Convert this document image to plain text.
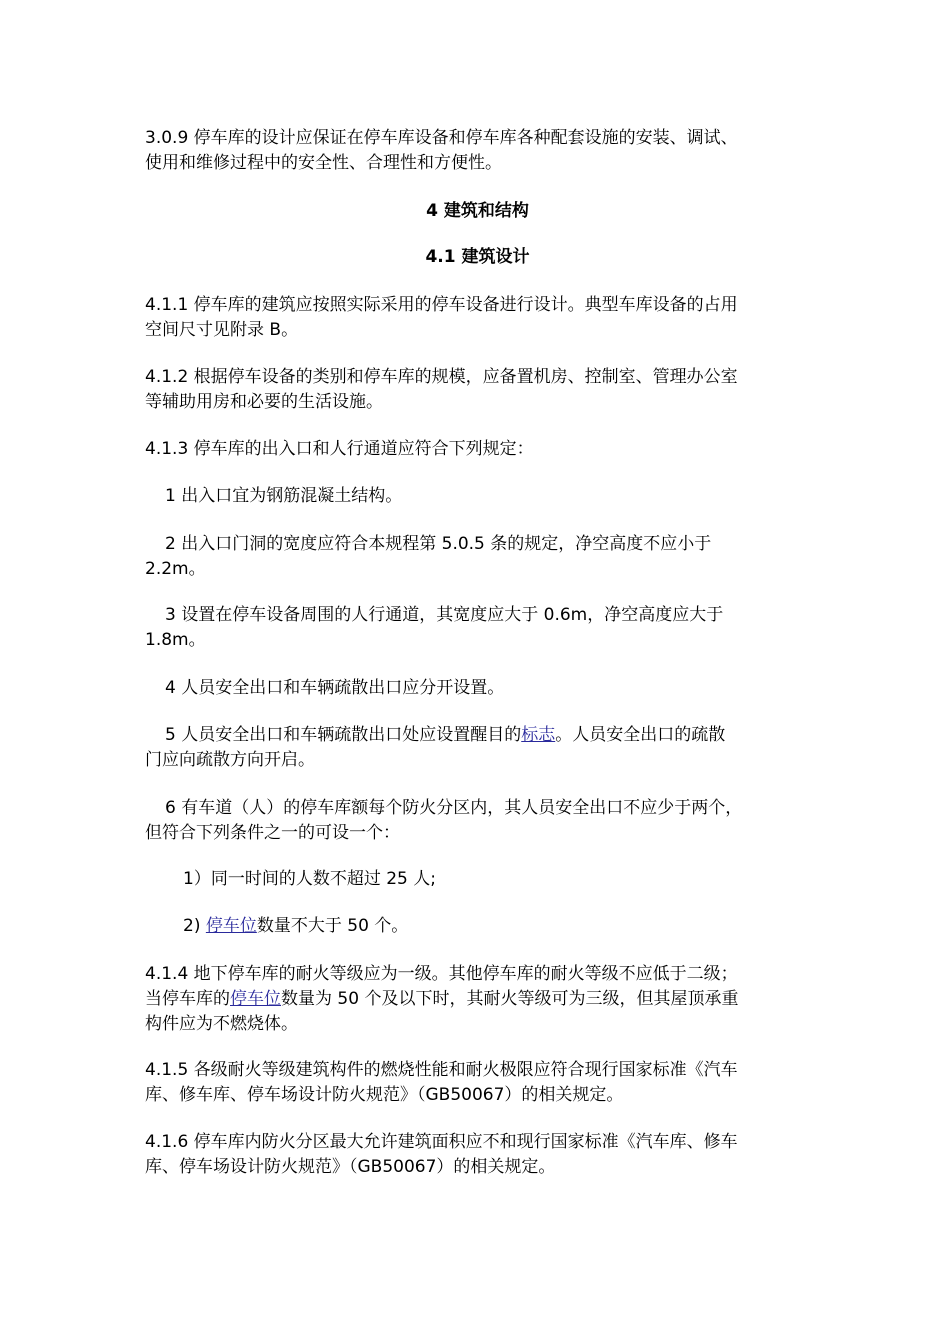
3.0.9 停车库的设计应保证在停车库设备和停车库各种配套设施的安装、调试、
使用和维修过程中的安全性、合理性和方便性。
4 建筑和结构
4.1 建筑设计
4.1.1 停车库的建筑应按照实际采用的停车设备进行设计。典型车库设备的占用
空间尺寸见附录 B。
4.1.2 根据停车设备的类别和停车库的规模，应备置机房、控制室、管理办公室
等辅助用房和必要的生活设施。
4.1.3 停车库的出入口和人行通道应符合下列规定：
1 出入口宜为钢筋混凝土结构。
2 出入口门洞的宽度应符合本规程第 5.0.5 条的规定，净空高度不应小于
2.2m。
3 设置在停车设备周围的人行通道，其宽度应大于 0.6m，净空高度应大于
1.8m。
4 人员安全出口和车辆疏散出口应分开设置。
5 人员安全出口和车辆疏散出口处应设置醒目的标志。人员安全出口的疏散
门应向疏散方向开启。
6 有车道（人）的停车库额每个防火分区内，其人员安全出口不应少于两个，
但符合下列条件之一的可设一个：
1）同一时间的人数不超过 25 人;
2) 停车位数量不大于 50 个。
4.1.4 地下停车库的耐火等级应为一级。其他停车库的耐火等级不应低于二级；
当停车库的停车位数量为 50 个及以下时，其耐火等级可为三级，但其屋顶承重
构件应为不燃烧体。
4.1.5 各级耐火等级建筑构件的燃烧性能和耐火极限应符合现行国家标准《汽车
库、修车库、停车场设计防火规范》（GB50067）的相关规定。
4.1.6 停车库内防火分区最大允许建筑面积应不和现行国家标准《汽车库、修车
库、停车场设计防火规范》（GB50067）的相关规定。
